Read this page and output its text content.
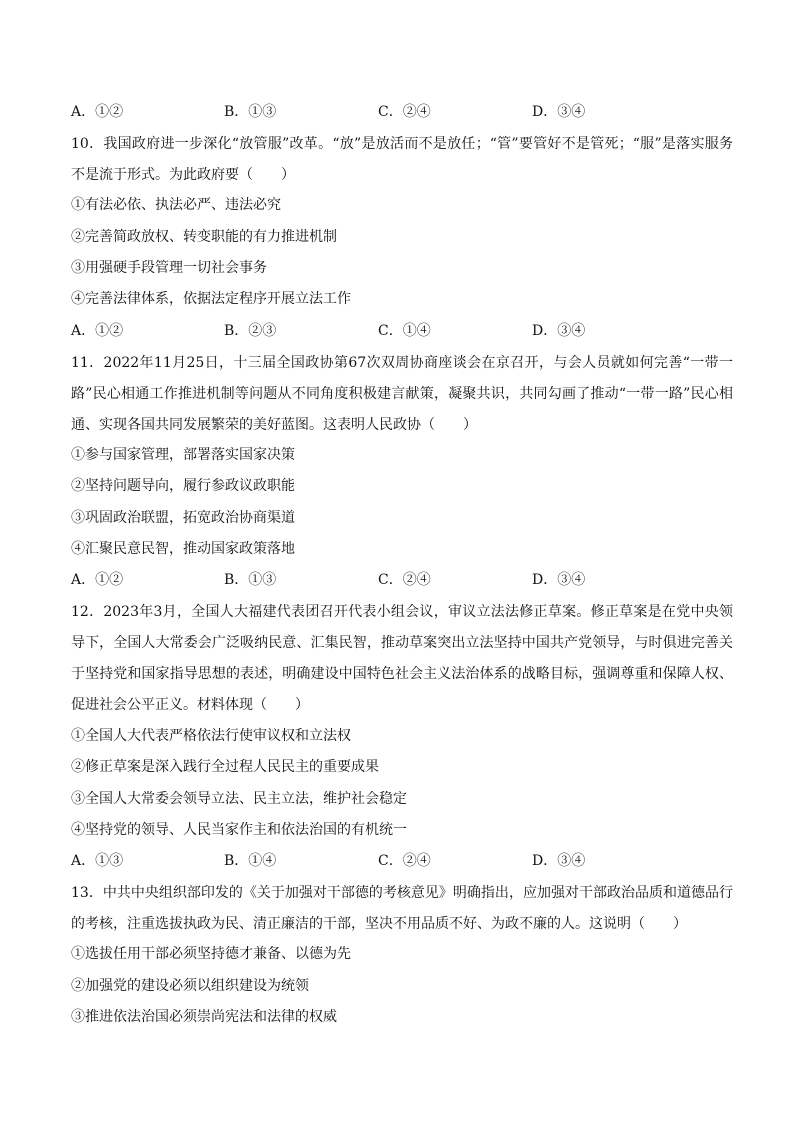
A．①②	B．①③	C．②④	D．③④
10．我国政府进一步深化“放管服”改革。“放”是放活而不是放任；“管”要管好不是管死；“服”是落实服务不是流于形式。为此政府要（　　）
①有法必依、执法必严、违法必究
②完善简政放权、转变职能的有力推进机制
③用强硬手段管理一切社会事务
④完善法律体系，依据法定程序开展立法工作
A．①②	B．②③	C．①④	D．③④
11．2022年11月25日，十三届全国政协第67次双周协商座谈会在京召开，与会人员就如何完善“一带一路”民心相通工作推进机制等问题从不同角度积极建言献策，凝聚共识，共同勾画了推动“一带一路”民心相通、实现各国共同发展繁荣的美好蓝图。这表明人民政协（　　）
①参与国家管理，部署落实国家决策
②坚持问题导向，履行参政议政职能
③巩固政治联盟，拓宽政治协商渠道
④汇聚民意民智，推动国家政策落地
A．①②	B．①③	C．②④	D．③④
12．2023年3月，全国人大福建代表团召开代表小组会议，审议立法法修正草案。修正草案是在党中央领导下，全国人大常委会广泛吸纳民意、汇集民智，推动草案突出立法坚持中国共产党领导，与时俱进完善关于坚持党和国家指导思想的表述，明确建设中国特色社会主义法治体系的战略目标，强调尊重和保障人权、促进社会公平正义。材料体现（　　）
①全国人大代表严格依法行使审议权和立法权
②修正草案是深入践行全过程人民民主的重要成果
③全国人大常委会领导立法、民主立法，维护社会稳定
④坚持党的领导、人民当家作主和依法治国的有机统一
A．①③	B．①④	C．②④	D．③④
13．中共中央组织部印发的《关于加强对干部德的考核意见》明确指出，应加强对干部政治品质和道德品行的考核，注重选拔执政为民、清正廉洁的干部，坚决不用品质不好、为政不廉的人。这说明（　　）
①选拔任用干部必须坚持德才兼备、以德为先
②加强党的建设必须以组织建设为统领
③推进依法治国必须崇尚宪法和法律的权威
